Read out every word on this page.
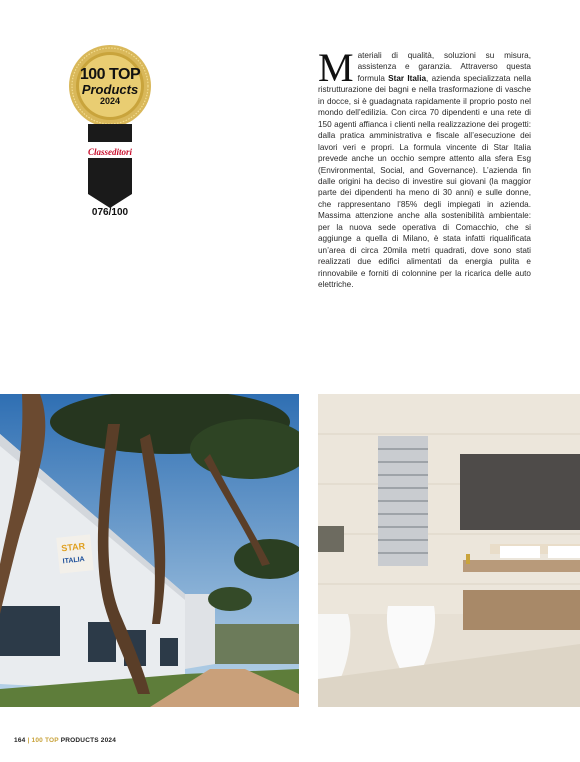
100 TOP
Products
2024
Classeditori
076/100
Materiali di qualità, soluzioni su misura, assistenza e garanzia. Attraverso questa formula Star Italia, azienda specializzata nella ristrutturazione dei bagni e nella trasformazione di vasche in docce, si è guadagnata rapidamente il proprio posto nel mondo dell’edilizia. Con circa 70 dipendenti e una rete di 150 agenti affianca i clienti nella realizzazione dei progetti: dalla pratica amministrativa e fiscale all’esecuzione dei lavori veri e propri. La formula vincente di Star Italia prevede anche un occhio sempre attento alla sfera Esg (Environmental, Social, and Governance). L’azienda fin dalle origini ha deciso di investire sui giovani (la maggior parte dei dipendenti ha meno di 30 anni) e sulle donne, che rappresentano l’85% degli impiegati in azienda. Massima attenzione anche alla sostenibilità ambientale: per la nuova sede operativa di Comacchio, che si aggiunge a quella di Milano, è stata infatti riqualificata un’area di circa 20mila metri quadrati, dove sono stati realizzati due edifici alimentati da energia pulita e rinnovabile e forniti di colonnine per la ricarica delle auto elettriche.
STAR
ITALIA
164 | 100 TOP PRODUCTS 2024
